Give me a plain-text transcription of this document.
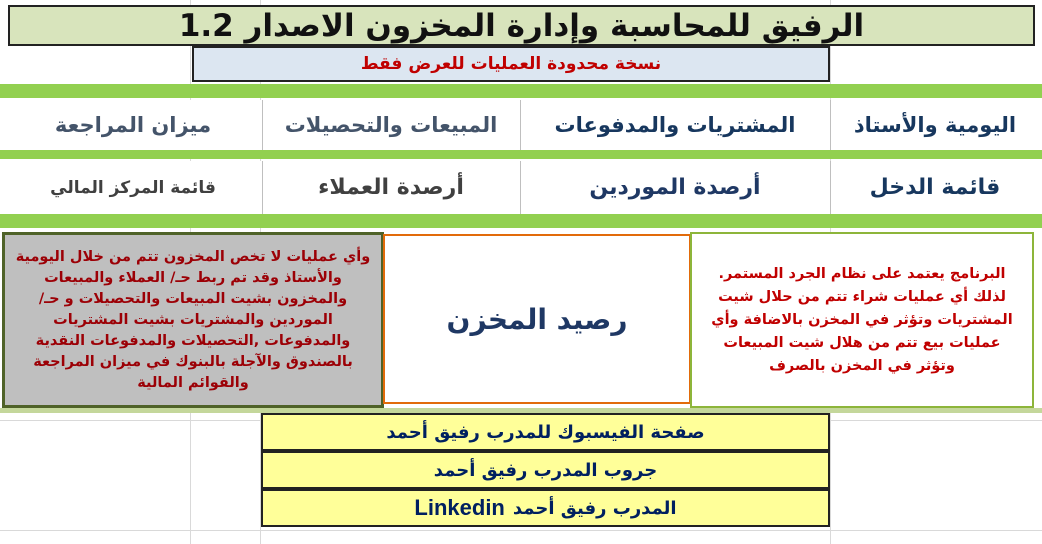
الرفيق للمحاسبة وإدارة المخزون الاصدار 1.2
نسخة محدودة العمليات للعرض فقط
اليومية والأستاذ
المشتريات والمدفوعات
المبيعات والتحصيلات
ميزان المراجعة
قائمة الدخل
أرصدة الموردين
أرصدة العملاء
قائمة المركز المالي
وأي عمليات لا تخص المخزون تتم من خلال اليومية والأستاذ وقد تم ربط حـ/ العملاء والمبيعات والمخزون بشيت المبيعات والتحصيلات و حـ/ الموردين والمشتريات بشيت المشتريات والمدفوعات ,التحصيلات والمدفوعات النقدية بالصندوق والآجلة بالبنوك في ميزان المراجعة والقوائم المالية
رصيد المخزن
البرنامج يعتمد على نظام الجرد المستمر. لذلك أي عمليات شراء تتم من حلال شيت المشتريات وتؤثر في المخزن بالاضافة وأي عمليات بيع تتم من هلال شيت المبيعات وتؤثر في المخزن بالصرف
صفحة الفيسبوك للمدرب رفيق أحمد
جروب المدرب رفيق أحمد
المدرب رفيق أحمد
Linkedin
